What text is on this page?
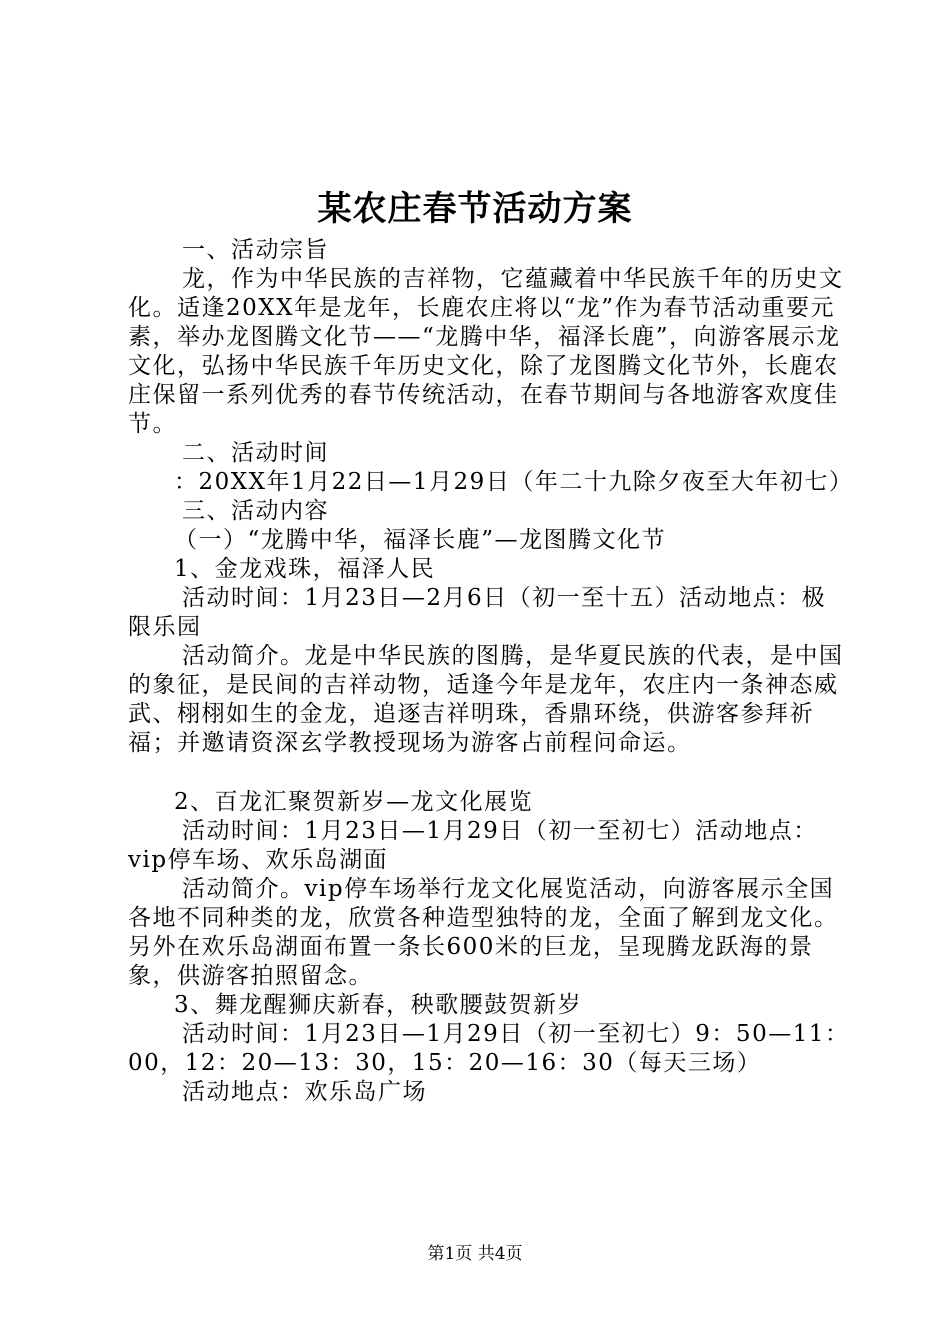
某农庄春节活动方案

一、活动宗旨

龙，作为中华民族的吉祥物，它蕴藏着中华民族千年的历史文化。适逢20XX年是龙年，长鹿农庄将以“龙”作为春节活动重要元素，举办龙图腾文化节——“龙腾中华，福泽长鹿”，向游客展示龙文化，弘扬中华民族千年历史文化，除了龙图腾文化节外，长鹿农庄保留一系列优秀的春节传统活动，在春节期间与各地游客欢度佳节。

二、活动时间

：20XX年1月22日—1月29日（年二十九除夕夜至大年初七）

三、活动内容

（一）“龙腾中华，福泽长鹿”—龙图腾文化节

1、金龙戏珠，福泽人民

活动时间：1月23日—2月6日（初一至十五）活动地点：极限乐园

活动简介。龙是中华民族的图腾，是华夏民族的代表，是中国的象征，是民间的吉祥动物，适逢今年是龙年，农庄内一条神态威武、栩栩如生的金龙，追逐吉祥明珠，香鼎环绕，供游客参拜祈福；并邀请资深玄学教授现场为游客占前程问命运。

2、百龙汇聚贺新岁—龙文化展览

活动时间：1月23日—1月29日（初一至初七）活动地点：vip停车场、欢乐岛湖面

活动简介。vip停车场举行龙文化展览活动，向游客展示全国各地不同种类的龙，欣赏各种造型独特的龙，全面了解到龙文化。另外在欢乐岛湖面布置一条长600米的巨龙，呈现腾龙跃海的景象，供游客拍照留念。

3、舞龙醒狮庆新春，秧歌腰鼓贺新岁

活动时间：1月23日—1月29日（初一至初七）9：50—11：00，12：20—13：30，15：20—16：30（每天三场）

活动地点：欢乐岛广场

第1页 共4页
